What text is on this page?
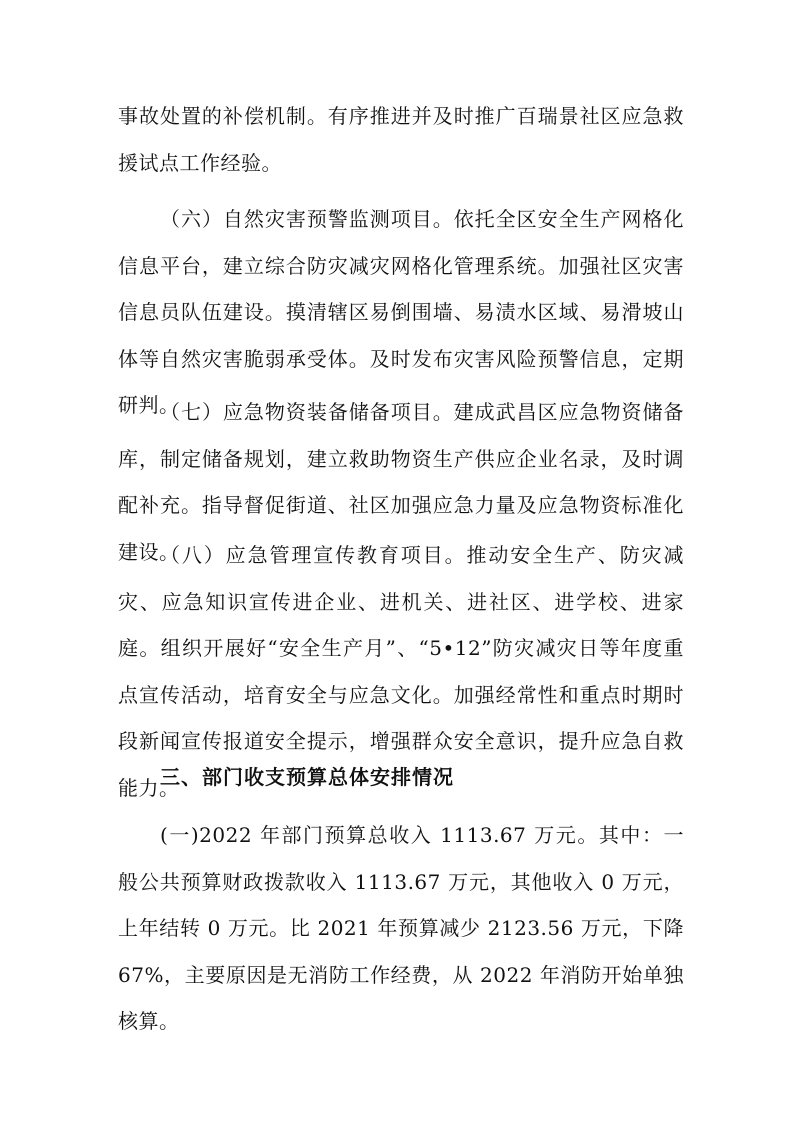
事故处置的补偿机制。有序推进并及时推广百瑞景社区应急救援试点工作经验。

（六）自然灾害预警监测项目。依托全区安全生产网格化信息平台，建立综合防灾减灾网格化管理系统。加强社区灾害信息员队伍建设。摸清辖区易倒围墙、易渍水区域、易滑坡山体等自然灾害脆弱承受体。及时发布灾害风险预警信息，定期研判。

（七）应急物资装备储备项目。建成武昌区应急物资储备库，制定储备规划，建立救助物资生产供应企业名录，及时调配补充。指导督促街道、社区加强应急力量及应急物资标准化建设。

（八）应急管理宣传教育项目。推动安全生产、防灾减灾、应急知识宣传进企业、进机关、进社区、进学校、进家庭。组织开展好“安全生产月”、“5•12”防灾减灾日等年度重点宣传活动，培育安全与应急文化。加强经常性和重点时期时段新闻宣传报道安全提示，增强群众安全意识，提升应急自救能力。

三、部门收支预算总体安排情况

(一)2022 年部门预算总收入 1113.67 万元。其中：一般公共预算财政拨款收入 1113.67 万元，其他收入 0 万元，上年结转 0 万元。比 2021 年预算减少 2123.56 万元，下降 67%，主要原因是无消防工作经费，从 2022 年消防开始单独核算。
